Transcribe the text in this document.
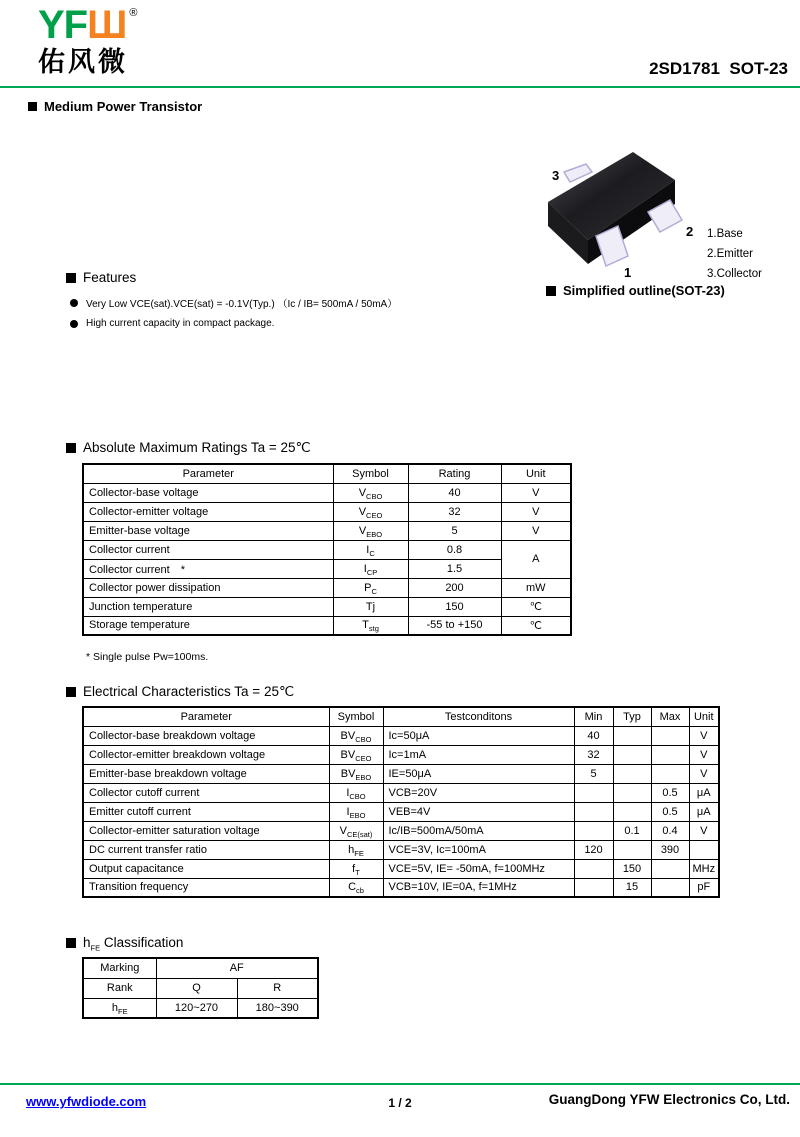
YFШ ®
佑风微	2SD1781  SOT-23
Medium Power Transistor
Features
Very Low VCE(sat).VCE(sat) = -0.1V(Typ.) （Ic / IB= 500mA / 50mA）
High current capacity in compact package.
3
2
1
1.Base
2.Emitter
3.Collector
Simplified outline(SOT-23)
Absolute Maximum Ratings Ta = 25℃
Parameter	Symbol	Rating	Unit
Collector-base voltage	$V_{CBO}$	40	V
Collector-emitter voltage	$V_{CEO}$	32	V
Emitter-base voltage	$V_{EBO}$	5	V
Collector current	$I_C$	0.8	A
Collector current　*	$I_{CP}$	1.5	
Collector power dissipation	$P_C$	200	mW
Junction temperature	Tj	150	℃
Storage temperature	$T_{stg}$	-55 to +150	℃
* Single pulse Pw=100ms.
Electrical Characteristics Ta = 25℃
Parameter	Symbol	Testconditons	Min	Typ	Max	Unit
Collector-base breakdown voltage	$BV_{CBO}$	Ic=50μA	40			V
Collector-emitter breakdown voltage	$BV_{CEO}$	Ic=1mA	32			V
Emitter-base breakdown voltage	$BV_{EBO}$	IE=50μA	5			V
Collector cutoff current	$I_{CBO}$	VCB=20V			0.5	μA
Emitter cutoff current	$I_{EBO}$	VEB=4V			0.5	μA
Collector-emitter saturation voltage	$V_{CE(sat)}$	Ic/IB=500mA/50mA		0.1	0.4	V
DC current transfer ratio	$h_{FE}$	VCE=3V, Ic=100mA	120		390	
Output capacitance	$f_T$	VCE=5V, IE= -50mA, f=100MHz		150		MHz
Transition frequency	$C_{cb}$	VCB=10V, IE=0A, f=1MHz		15		pF
$h_{FE}$ Classification
Marking	AF	
Rank	Q	R
$h_{FE}$	120~270	180~390
www.yfwdiode.com	1 / 2	GuangDong YFW Electronics Co, Ltd.
